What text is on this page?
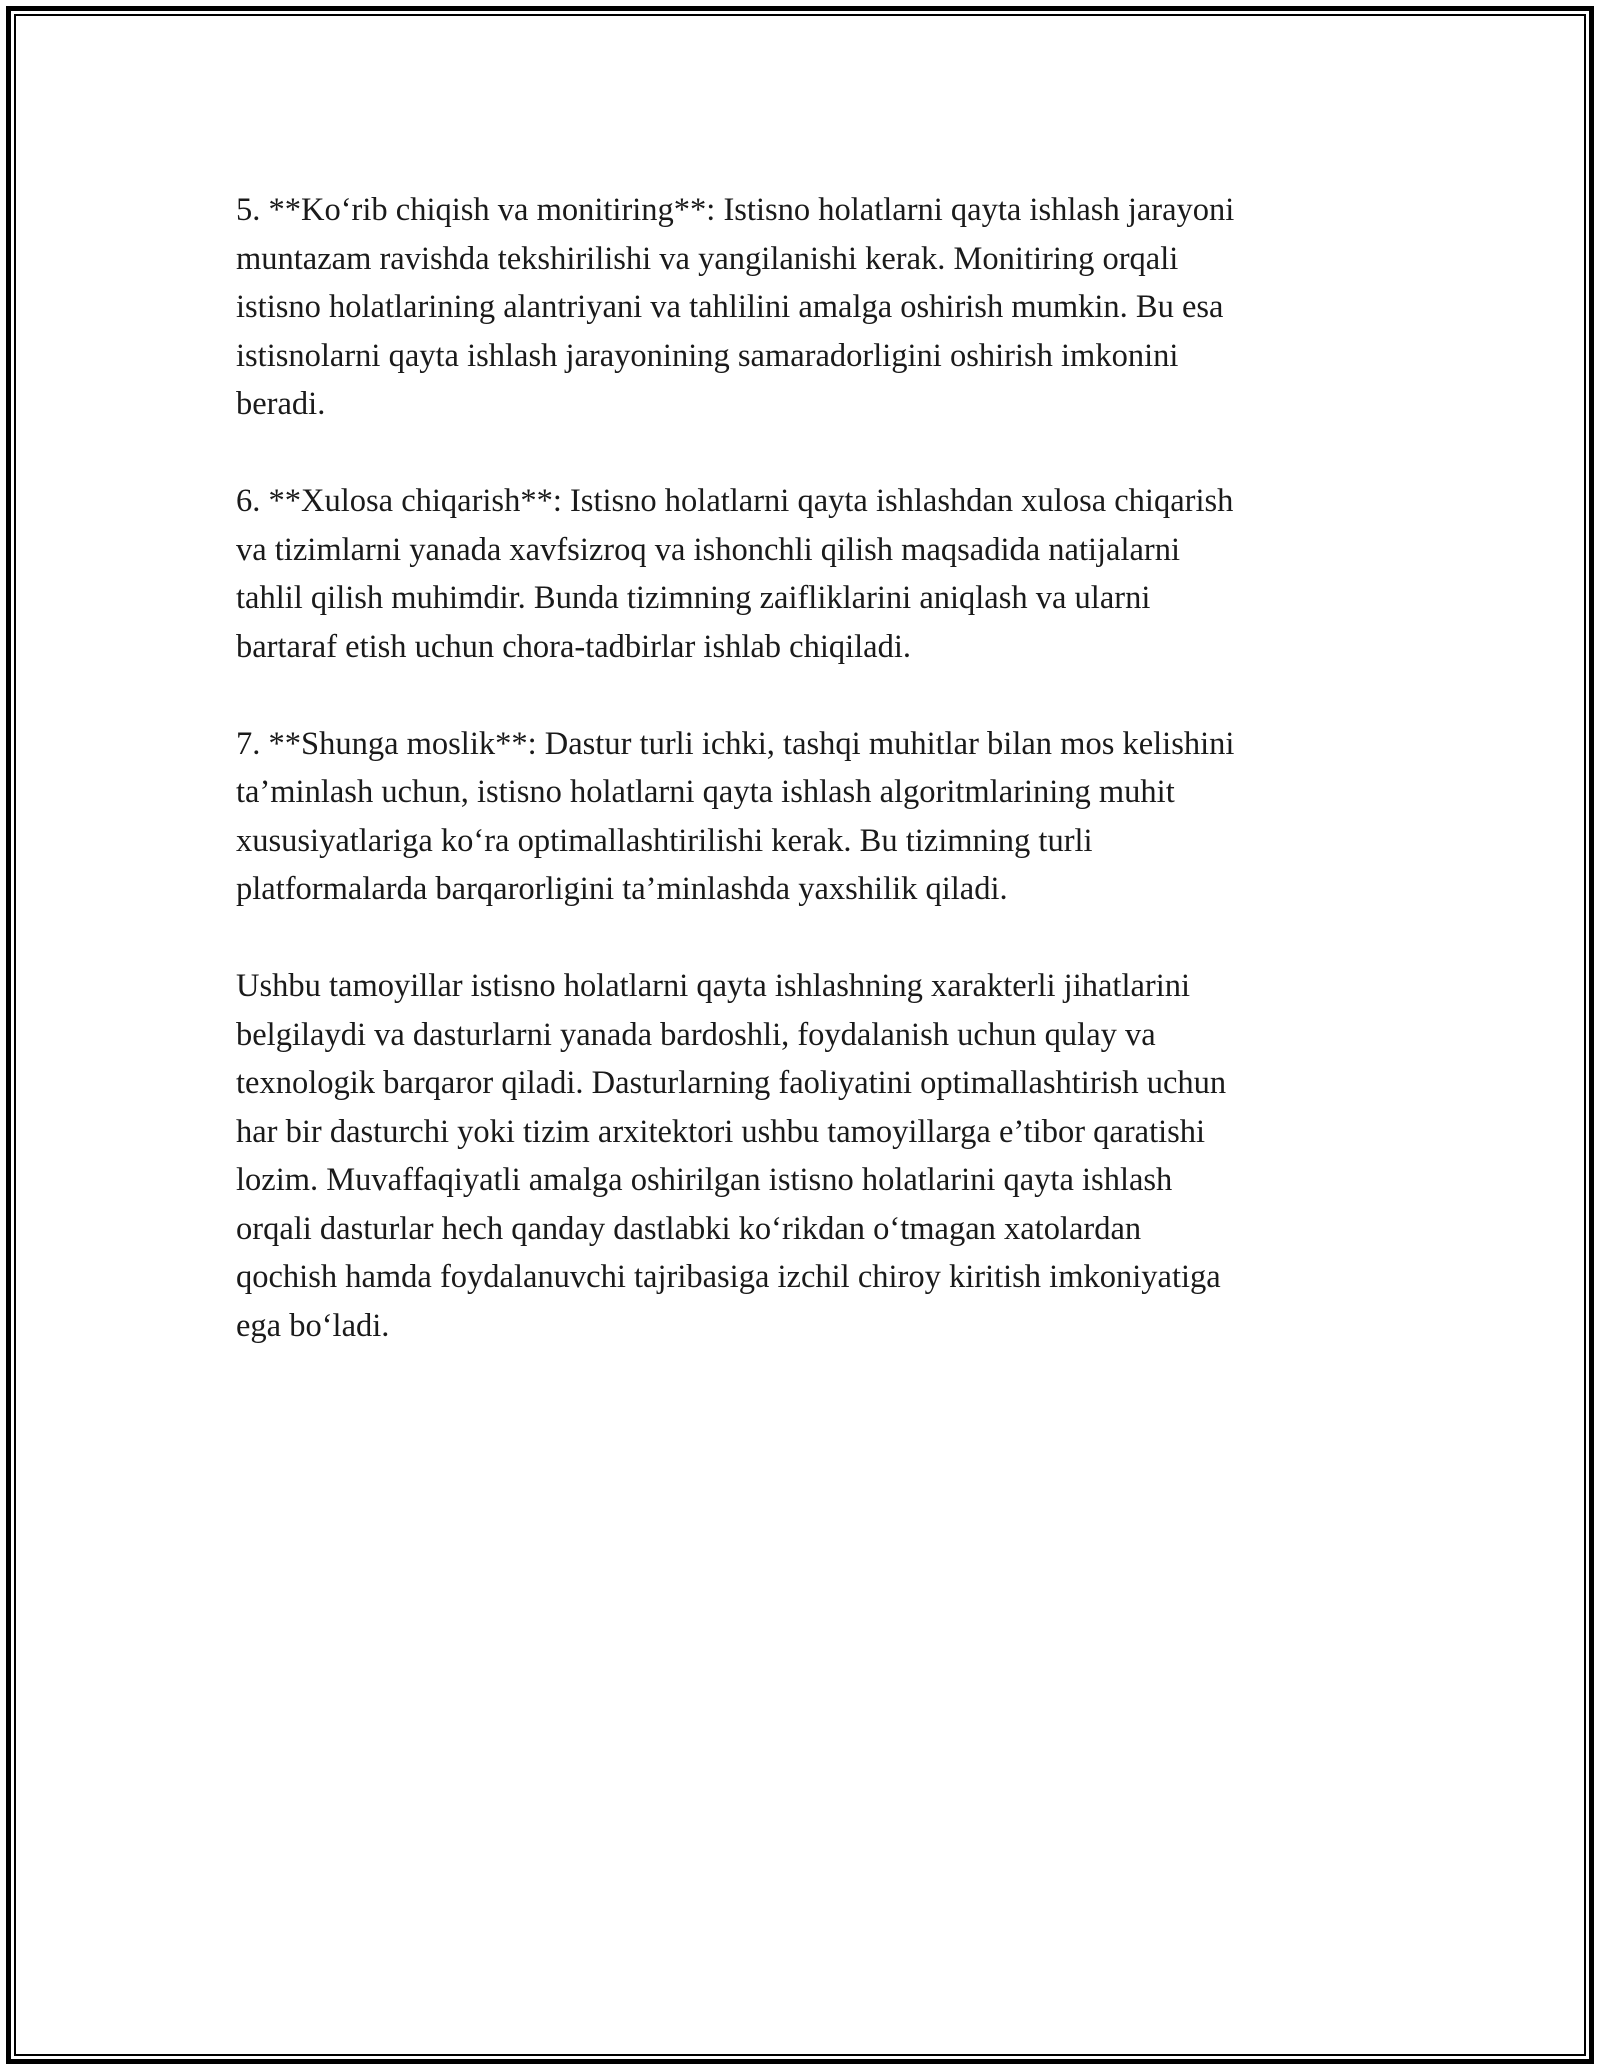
5. **Ko‘rib chiqish va monitiring**: Istisno holatlarni qayta ishlash jarayoni
muntazam ravishda tekshirilishi va yangilanishi kerak. Monitiring orqali
istisno holatlarining alantriyani va tahlilini amalga oshirish mumkin. Bu esa
istisnolarni qayta ishlash jarayonining samaradorligini oshirish imkonini
beradi.

6. **Xulosa chiqarish**: Istisno holatlarni qayta ishlashdan xulosa chiqarish
va tizimlarni yanada xavfsizroq va ishonchli qilish maqsadida natijalarni
tahlil qilish muhimdir. Bunda tizimning zaifliklarini aniqlash va ularni
bartaraf etish uchun chora-tadbirlar ishlab chiqiladi.

7. **Shunga moslik**: Dastur turli ichki, tashqi muhitlar bilan mos kelishini
ta’minlash uchun, istisno holatlarni qayta ishlash algoritmlarining muhit
xususiyatlariga ko‘ra optimallashtirilishi kerak. Bu tizimning turli
platformalarda barqarorligini ta’minlashda yaxshilik qiladi.

Ushbu tamoyillar istisno holatlarni qayta ishlashning xarakterli jihatlarini
belgilaydi va dasturlarni yanada bardoshli, foydalanish uchun qulay va
texnologik barqaror qiladi. Dasturlarning faoliyatini optimallashtirish uchun
har bir dasturchi yoki tizim arxitektori ushbu tamoyillarga e’tibor qaratishi
lozim. Muvaffaqiyatli amalga oshirilgan istisno holatlarini qayta ishlash
orqali dasturlar hech qanday dastlabki ko‘rikdan o‘tmagan xatolardan
qochish hamda foydalanuvchi tajribasiga izchil chiroy kiritish imkoniyatiga
ega bo‘ladi.
